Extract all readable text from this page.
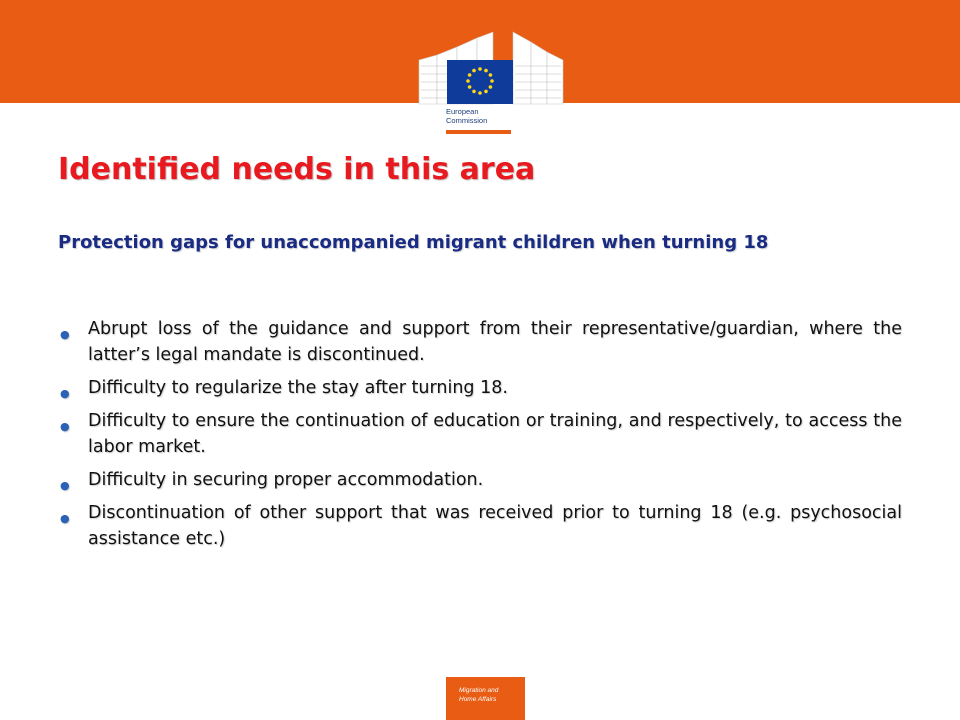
European
Commission
Identified needs in this area

Protection gaps for unaccompanied migrant children when turning 18

● Abrupt loss of the guidance and support from their representative/guardian, where the latter’s legal mandate is discontinued.
● Difficulty to regularize the stay after turning 18.
● Difficulty to ensure the continuation of education or training, and respectively, to access the labor market.
● Difficulty in securing proper accommodation.
● Discontinuation of other support that was received prior to turning 18 (e.g. psychosocial assistance etc.)
Migration and
Home Affairs
